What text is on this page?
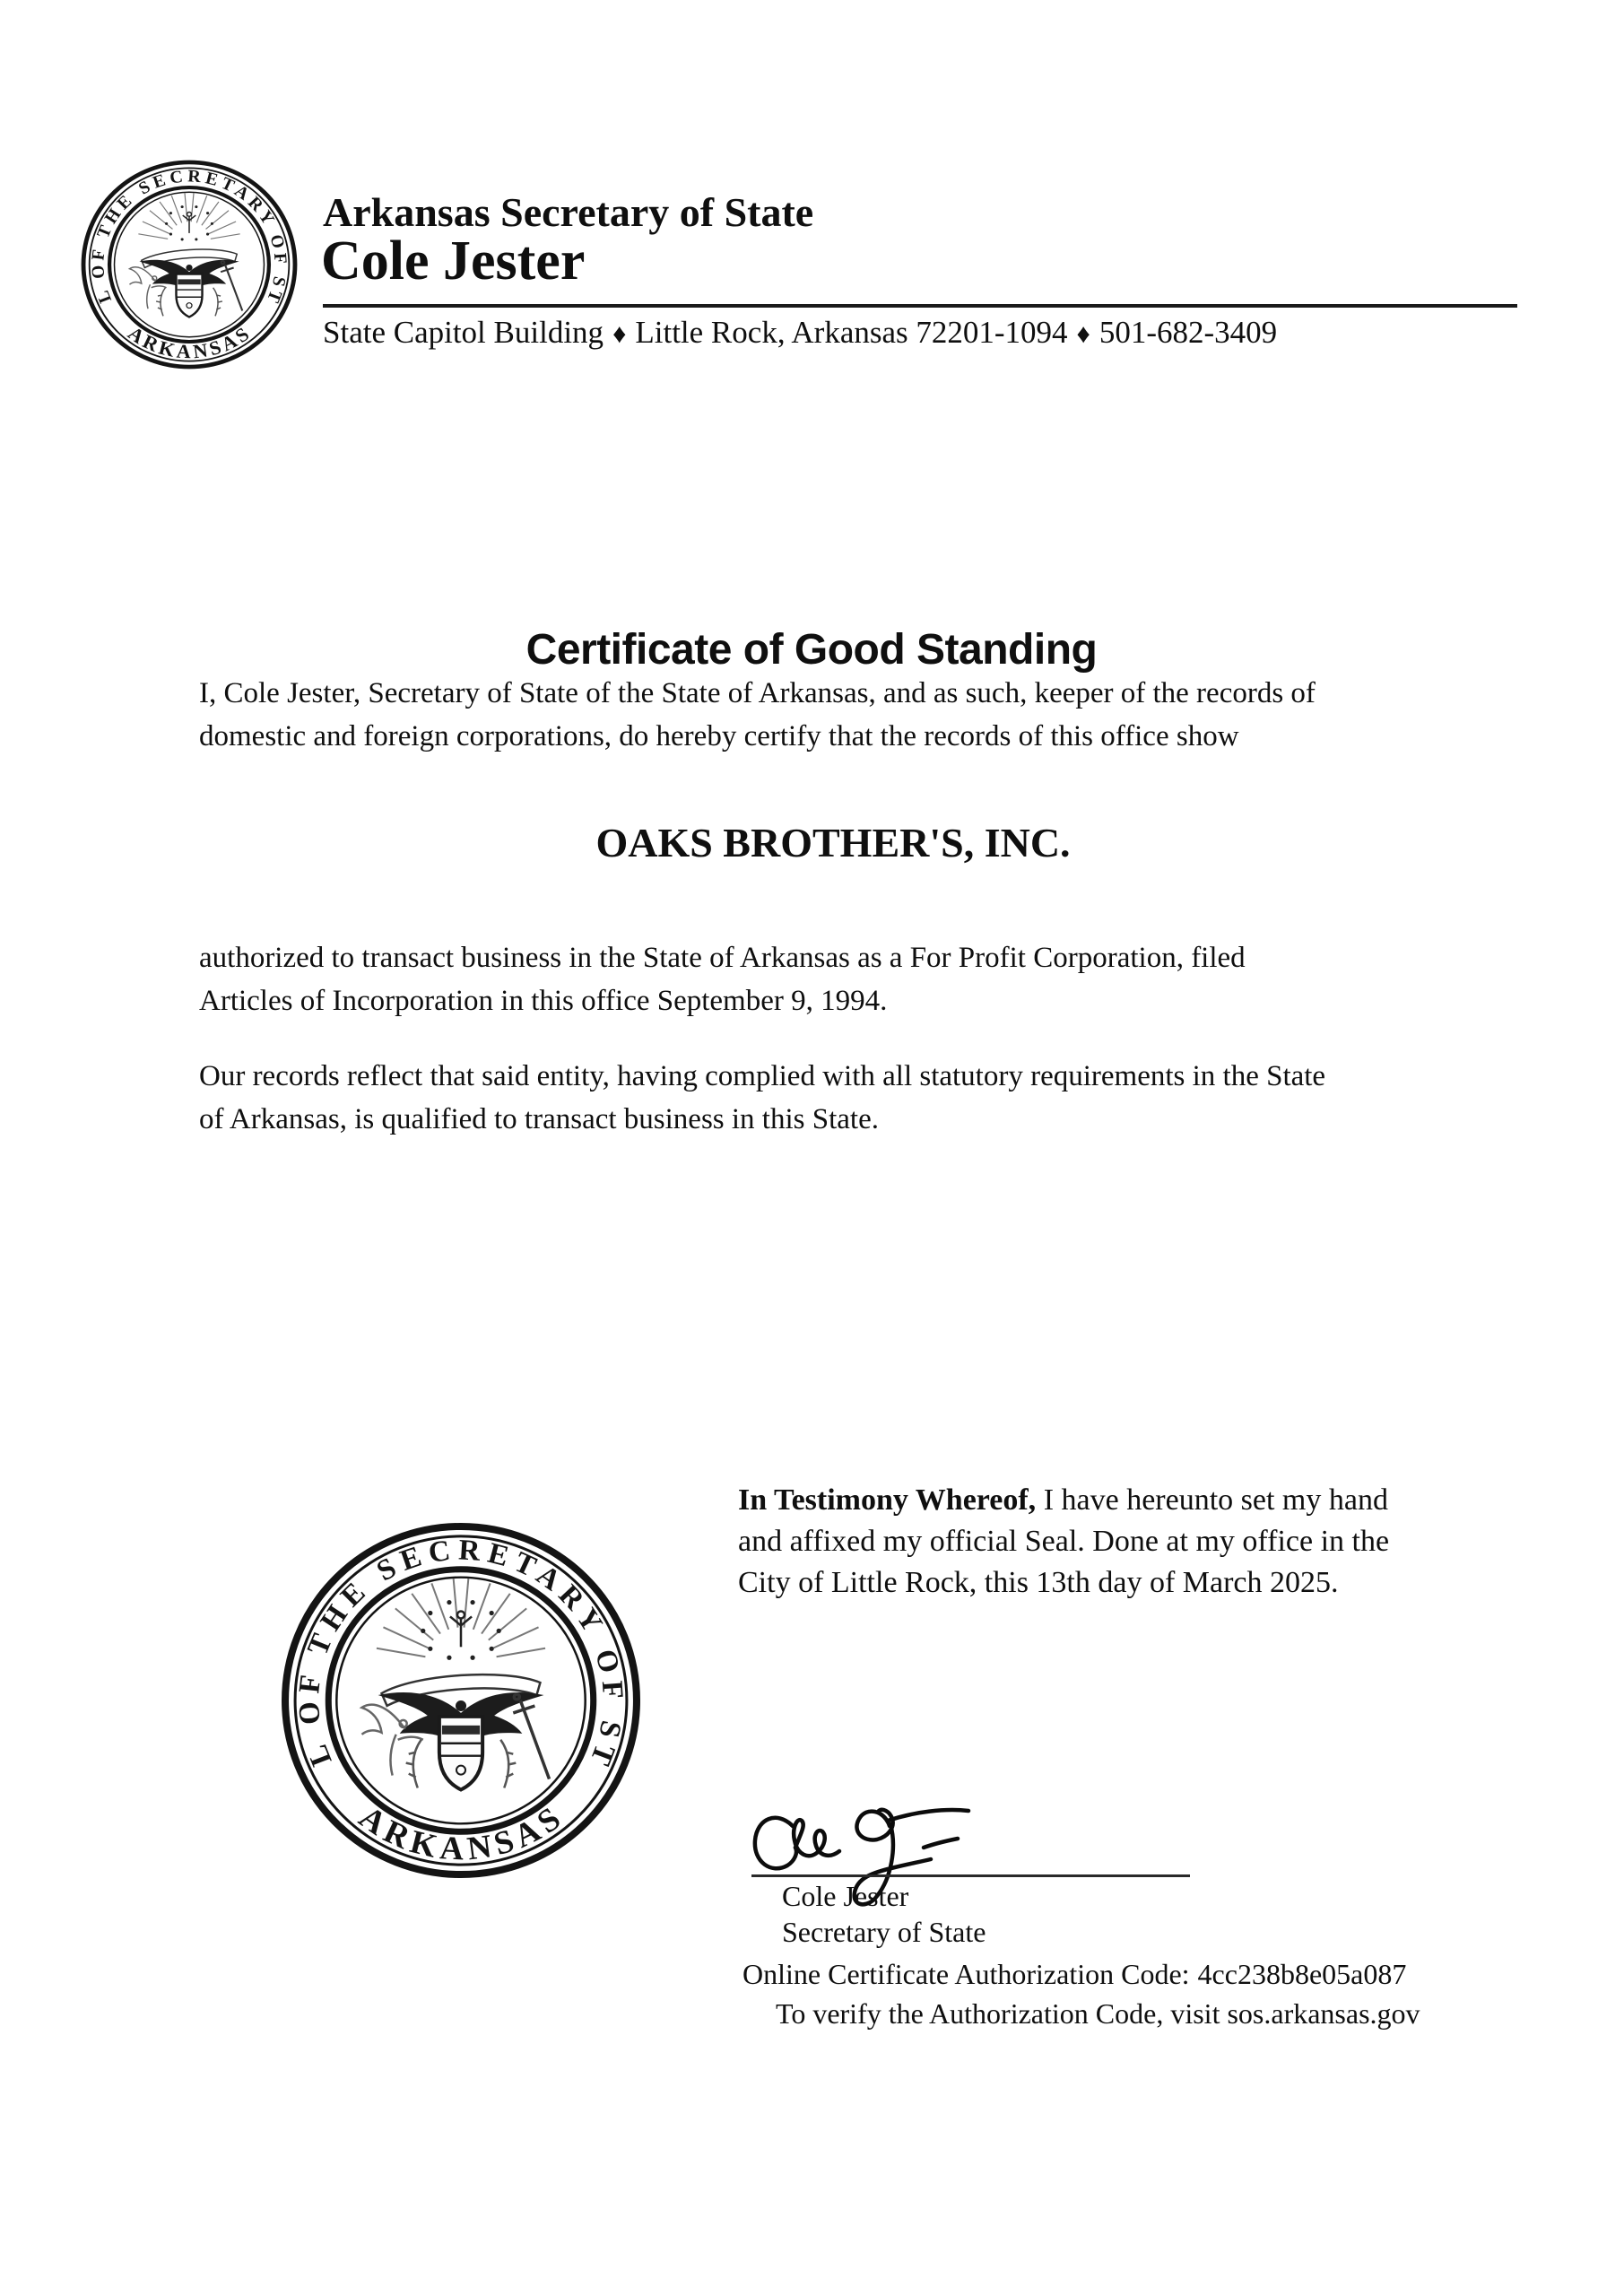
Arkansas Secretary of State
Cole Jester
State Capitol Building ♦ Little Rock, Arkansas 72201-1094 ♦ 501-682-3409
Certificate of Good Standing
I, Cole Jester, Secretary of State of the State of Arkansas, and as such, keeper of the records of
domestic and foreign corporations, do hereby certify that the records of this office show
OAKS BROTHER'S, INC.
authorized to transact business in the State of Arkansas as a For Profit Corporation, filed
Articles of Incorporation in this office September 9, 1994.
Our records reflect that said entity, having complied with all statutory requirements in the State
of Arkansas, is qualified to transact business in this State.
In Testimony Whereof, I have hereunto set my hand
and affixed my official Seal. Done at my office in the
City of Little Rock, this 13th day of March 2025.
Cole Jester
Secretary of State
Online Certificate Authorization Code: 4cc238b8e05a087
To verify the Authorization Code, visit sos.arkansas.gov
